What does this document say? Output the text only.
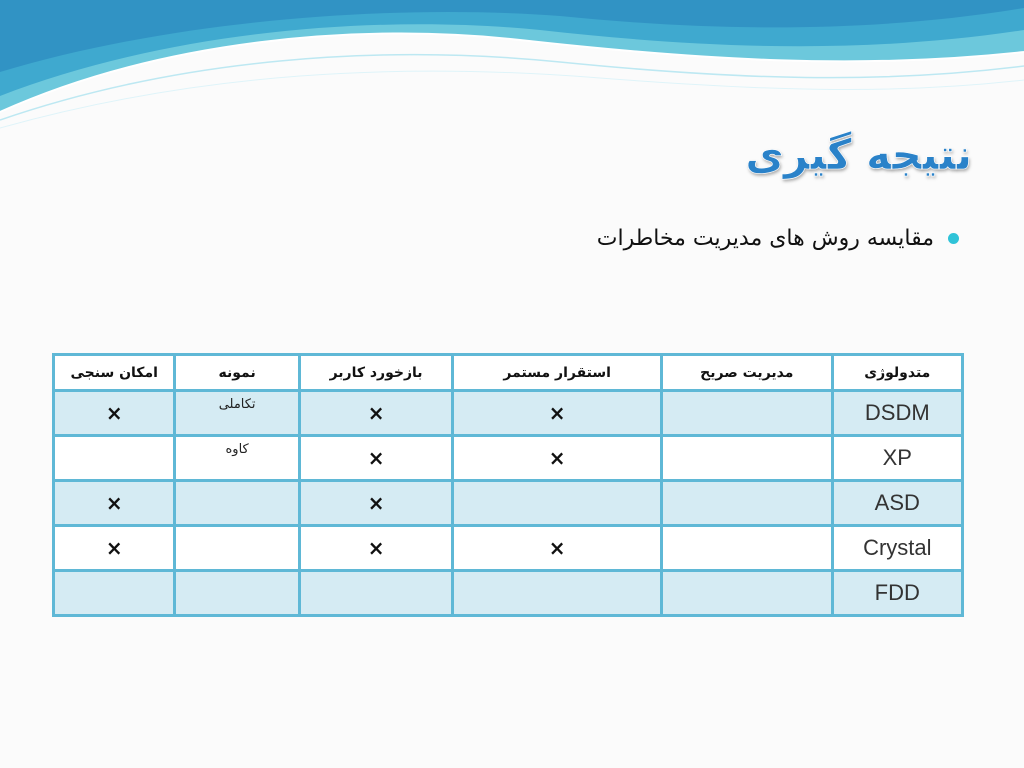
نتیجه گیری
مقایسه روش های مدیریت مخاطرات
متدولوژی	مدیریت صریح	استقرار مستمر	بازخورد کاربر	نمونه	امکان سنجی
DSDM		×	×	تکاملی	×
XP		×	×	کاوه	

ASD			×		×
Crystal		×	×		×
FDD				
